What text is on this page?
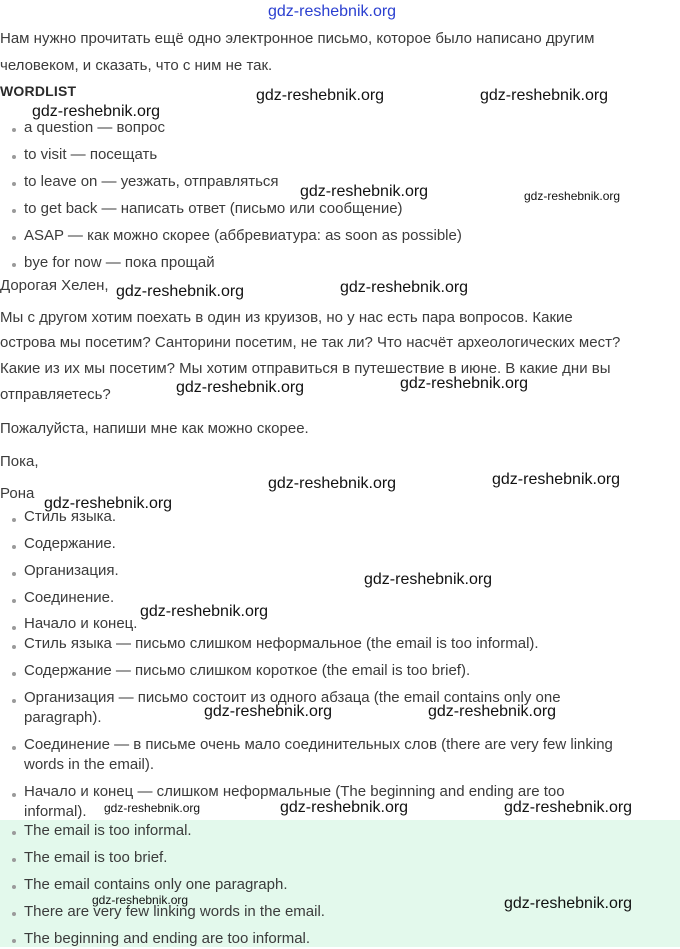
Нам нужно прочитать ещё одно электронное письмо, которое было написано другим
человеком, и сказать, что с ним не так.
WORDLIST
a question — вопрос
to visit — посещать
to leave on — уезжать, отправляться
to get back — написать ответ (письмо или сообщение)
ASAP — как можно скорее (аббревиатура: as soon as possible)
bye for now — пока прощай
Дорогая Хелен,
Мы с другом хотим поехать в один из круизов, но у нас есть пара вопросов. Какие
острова мы посетим? Санторини посетим, не так ли? Что насчёт археологических мест?
Какие из их мы посетим? Мы хотим отправиться в путешествие в июне. В какие дни вы
отправляетесь?
Пожалуйста, напиши мне как можно скорее.
Пока,
Рона
Стиль языка.
Содержание.
Организация.
Соединение.
Начало и конец.
Стиль языка — письмо слишком неформальное (the email is too informal).
Содержание — письмо слишком короткое (the email is too brief).
Организация — письмо состоит из одного абзаца (the email contains only one
paragraph).
Соединение — в письме очень мало соединительных слов (there are very few linking
words in the email).
Начало и конец — слишком неформальные (The beginning and ending are too
informal).
The email is too informal.
The email is too brief.
The email contains only one paragraph.
There are very few linking words in the email.
The beginning and ending are too informal.
gdz-reshebnik.org
gdz-reshebnik.org
gdz-reshebnik.org	gdz-reshebnik.org
gdz-reshebnik.org	gdz-reshebnik.org
gdz-reshebnik.org	gdz-reshebnik.org
gdz-reshebnik.org	gdz-reshebnik.org
gdz-reshebnik.org
gdz-reshebnik.org	gdz-reshebnik.org
gdz-reshebnik.org
gdz-reshebnik.org
gdz-reshebnik.org	gdz-reshebnik.org
gdz-reshebnik.org	gdz-reshebnik.org	gdz-reshebnik.org
gdz-reshebnik.org	gdz-reshebnik.org
